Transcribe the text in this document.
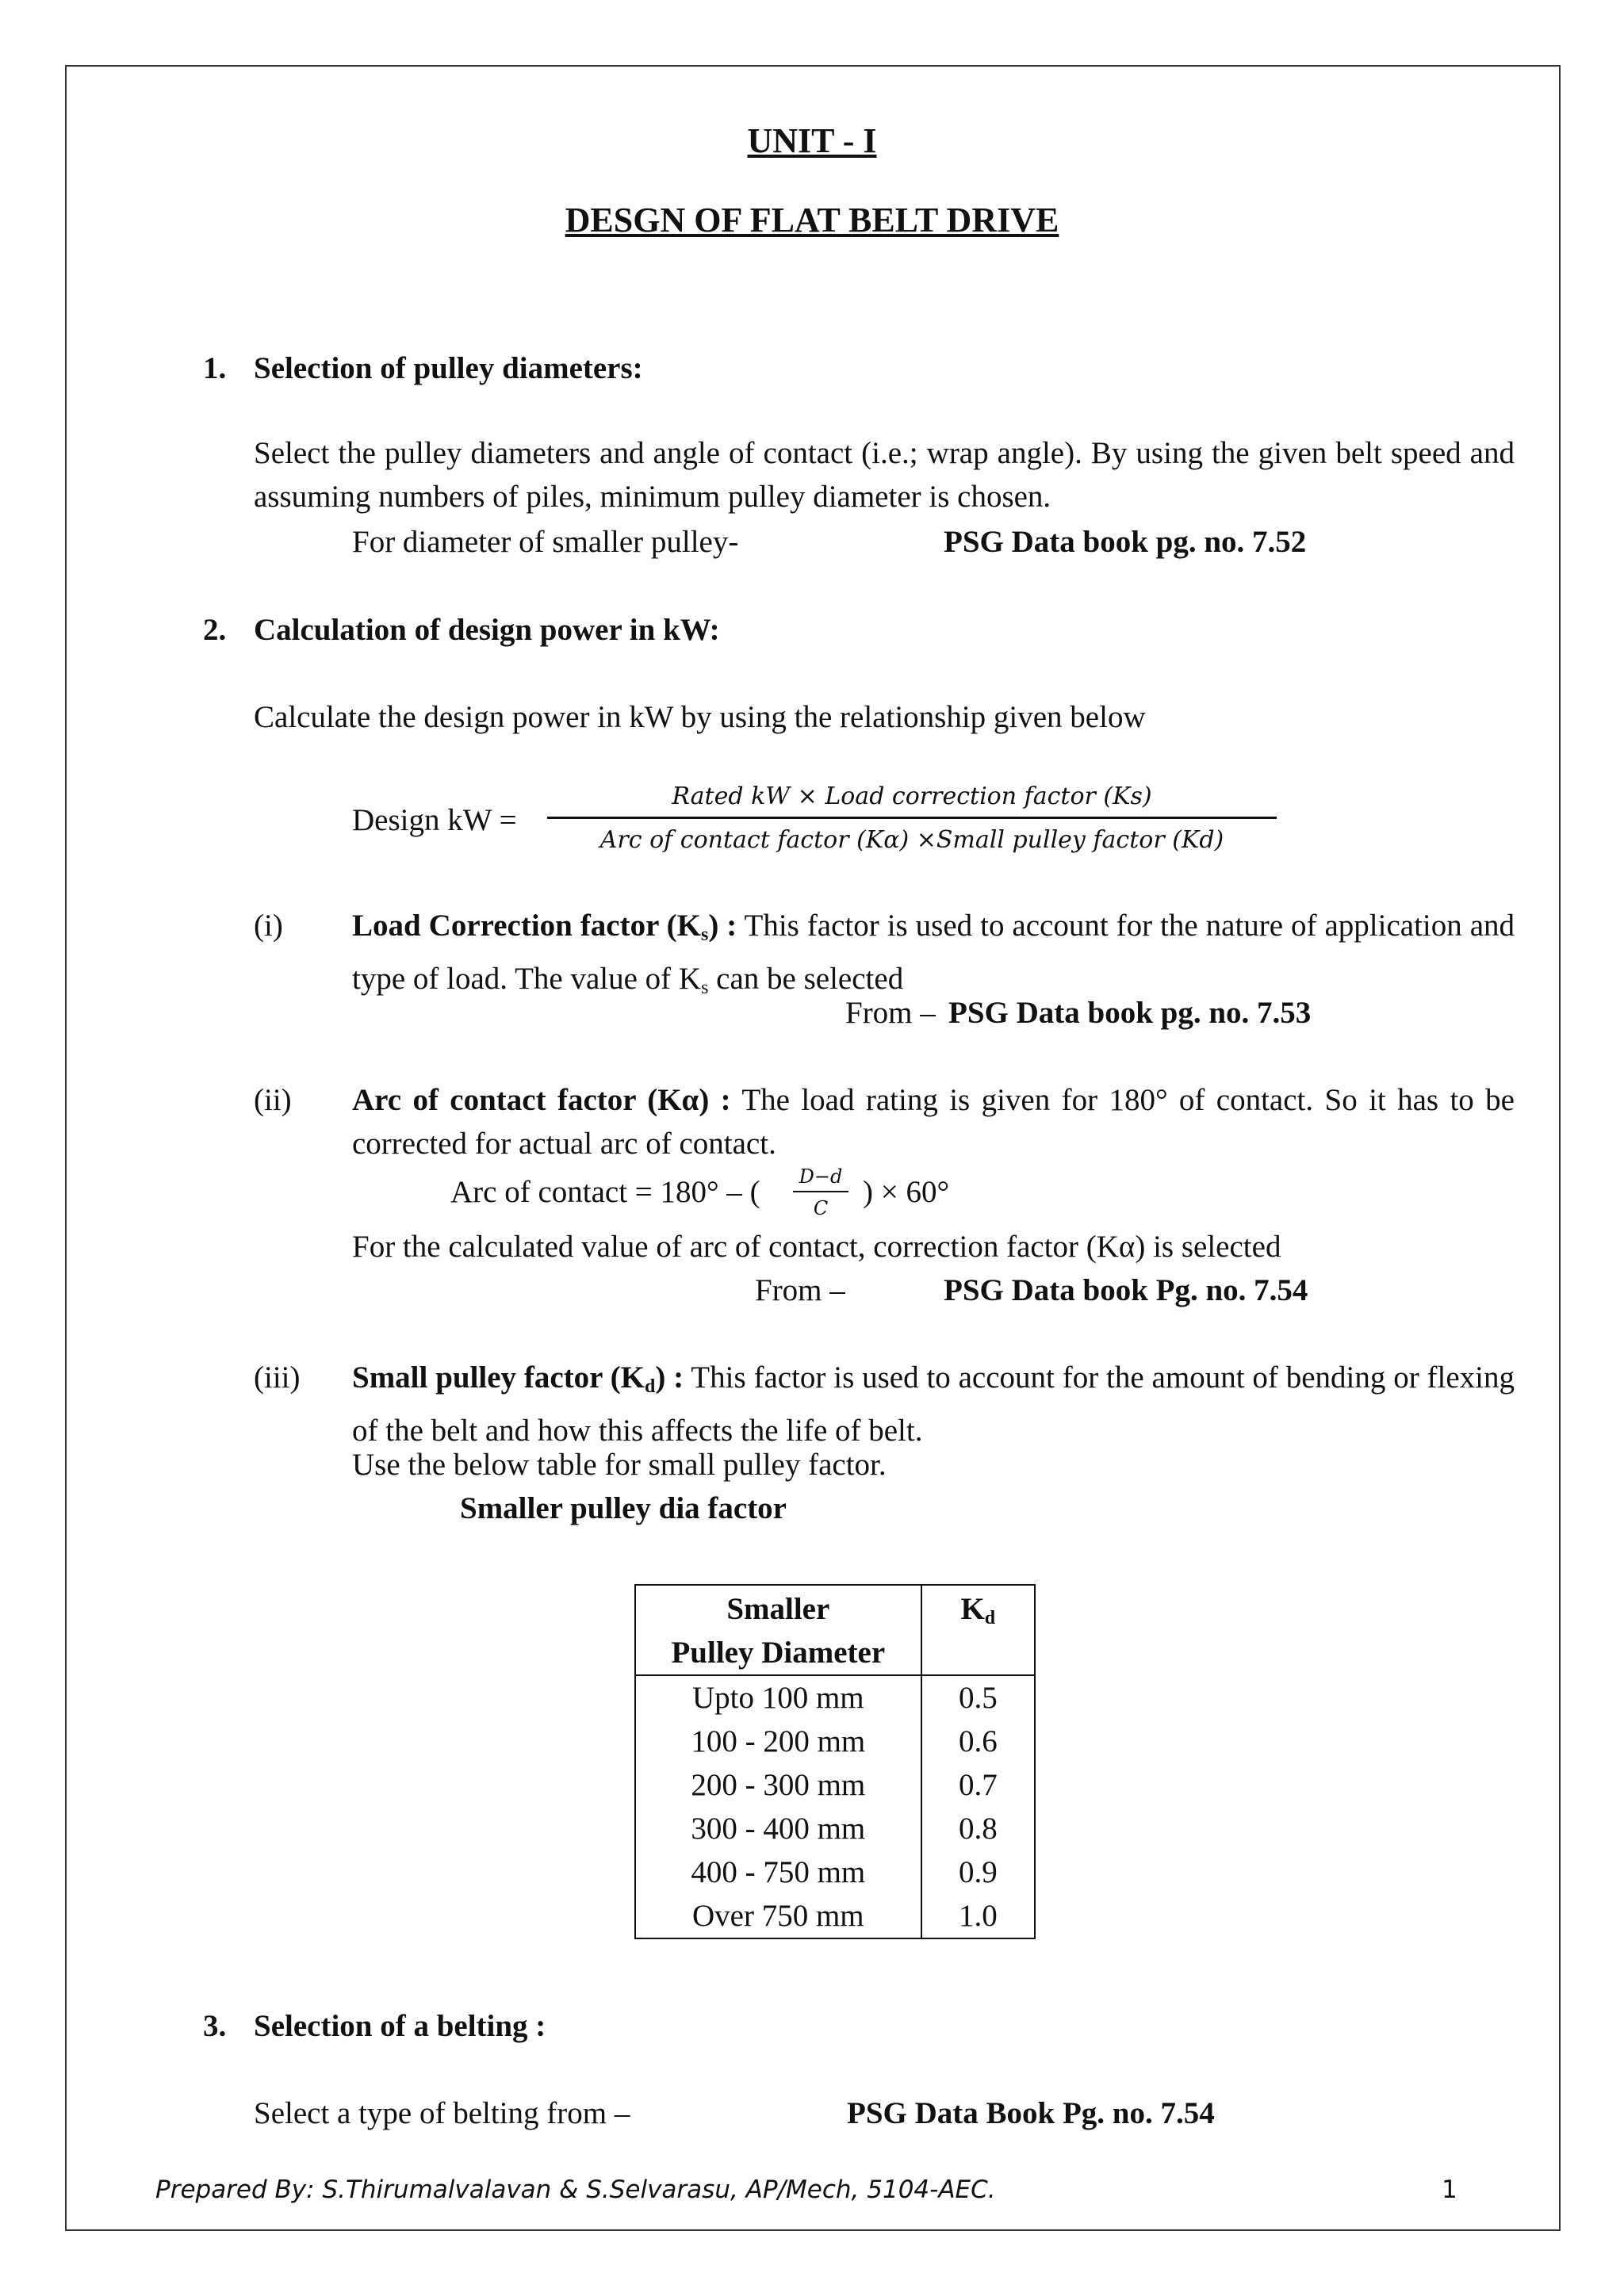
UNIT - I
DESGN OF FLAT BELT DRIVE
1. Selection of pulley diameters:
Select the pulley diameters and angle of contact (i.e.; wrap angle). By using the given belt speed and assuming numbers of piles, minimum pulley diameter is chosen.
For diameter of smaller pulley-	PSG Data book pg. no. 7.52
2. Calculation of design power in kW:
Calculate the design power in kW by using the relationship given below
Design kW =
Rated kW × Load correction factor (Ks)
Arc of contact factor (Kα) ×Small pulley factor (Kd)
(i) Load Correction factor $(K_s)$ : This factor is used to account for the nature of application and type of load. The value of $K_s$ can be selected
From – PSG Data book pg. no. 7.53
(ii) Arc of contact factor (Kα) : The load rating is given for 180° of contact. So it has to be corrected for actual arc of contact.
Arc of contact = 180° – (	D−d
C	) × 60°
For the calculated value of arc of contact, correction factor (Kα) is selected
From –	PSG Data book Pg. no. 7.54
(iii) Small pulley factor $(K_d)$ : This factor is used to account for the amount of bending or flexing of the belt and how this affects the life of belt.
Use the below table for small pulley factor.
Smaller pulley dia factor
Smaller
Pulley Diameter	$K_d$
Upto 100 mm	0.5
100 - 200 mm	0.6
200 - 300 mm	0.7
300 - 400 mm	0.8
400 - 750 mm	0.9
Over 750 mm	1.0
3. Selection of a belting :
Select a type of belting from –	PSG Data Book Pg. no. 7.54
Prepared By: S.Thirumalvalavan & S.Selvarasu, AP/Mech, 5104-AEC.	1
